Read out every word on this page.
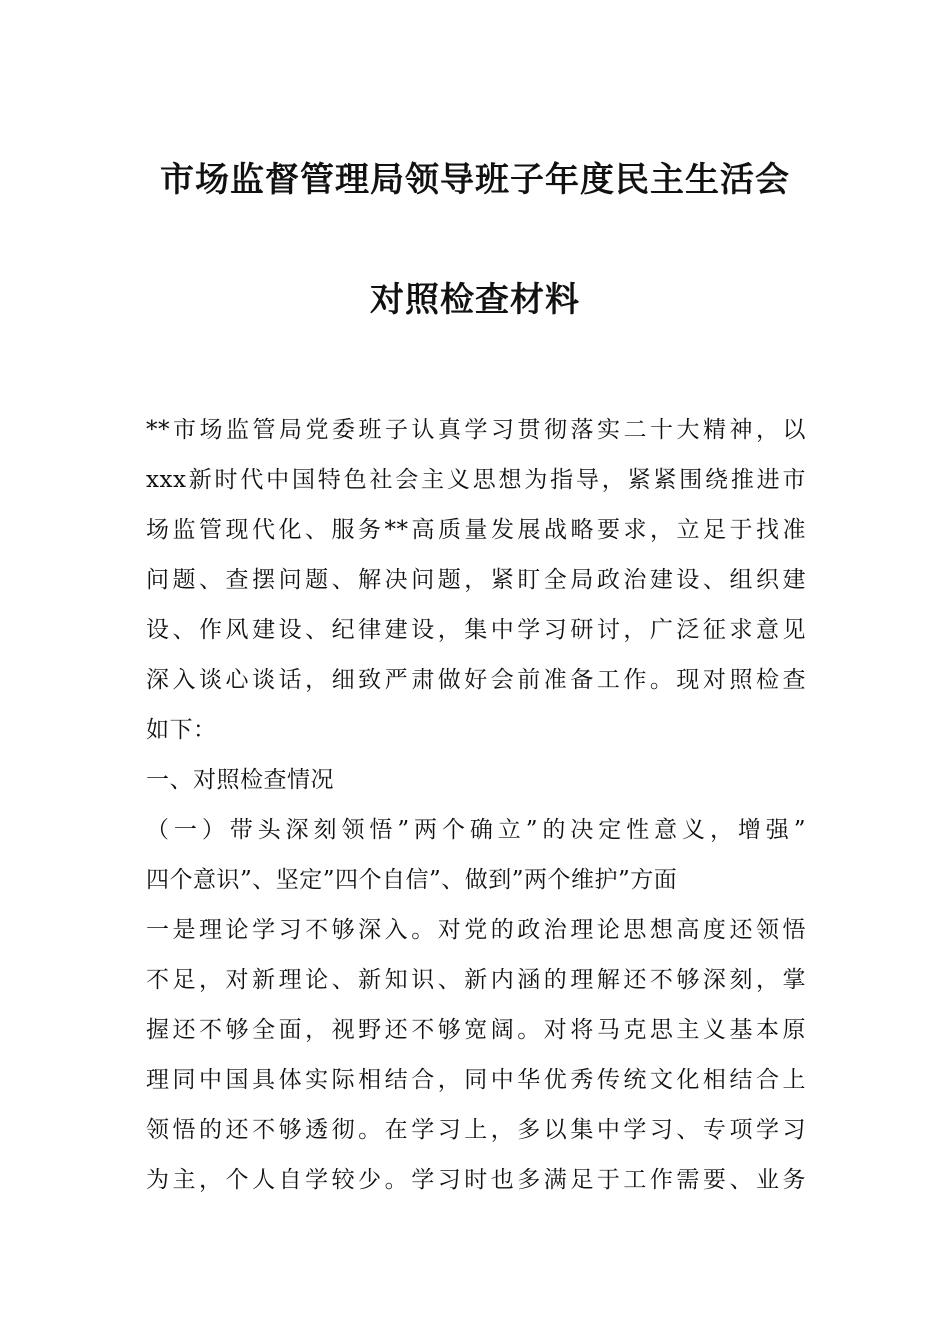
市场监督管理局领导班子年度民主生活会
对照检查材料
**市场监管局党委班子认真学习贯彻落实二十大精神，以
xxx新时代中国特色社会主义思想为指导，紧紧围绕推进市
场监管现代化、服务**高质量发展战略要求，立足于找准
问题、查摆问题、解决问题，紧盯全局政治建设、组织建
设、作风建设、纪律建设，集中学习研讨，广泛征求意见
深入谈心谈话，细致严肃做好会前准备工作。现对照检查
如下：
一、对照检查情况
（一）带头深刻领悟”两个确立”的决定性意义，增强”
四个意识”、坚定”四个自信”、做到”两个维护”方面
一是理论学习不够深入。对党的政治理论思想高度还领悟
不足，对新理论、新知识、新内涵的理解还不够深刻，掌
握还不够全面，视野还不够宽阔。对将马克思主义基本原
理同中国具体实际相结合，同中华优秀传统文化相结合上
领悟的还不够透彻。在学习上，多以集中学习、专项学习
为主，个人自学较少。学习时也多满足于工作需要、业务
